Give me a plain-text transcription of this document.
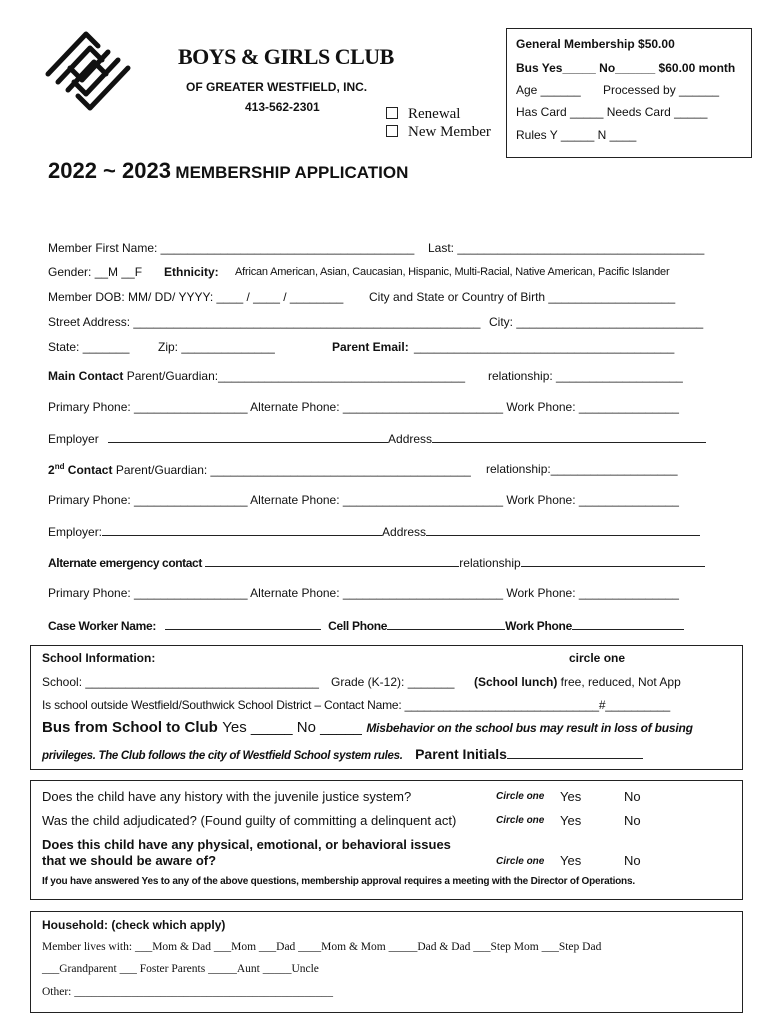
BOYS & GIRLS CLUB
OF GREATER WESTFIELD, INC.
413-562-2301	Renewal
New Member
General Membership $50.00
Bus Yes_____ No______ $60.00 month
Age ______ Processed by ______
Has Card _____ Needs Card _____
Rules Y _____ N ____
2022 ~ 2023 MEMBERSHIP APPLICATION
Member First Name: ______________________________________ Last: _____________________________________
Gender: __M __F Ethnicity: African American, Asian, Caucasian, Hispanic, Multi-Racial, Native American, Pacific Islander
Member DOB: MM/ DD/ YYYY: ____ / ____ / ________ City and State or Country of Birth ___________________
Street Address: ____________________________________________________ City: ____________________________
State: _______ Zip: ______________	Parent Email: _______________________________________
Main Contact Parent/Guardian:_____________________________________ relationship: ___________________
Primary Phone: _________________ Alternate Phone: ________________________ Work Phone: _______________
Employer	Address
2nd Contact Parent/Guardian: _______________________________________ relationship:___________________
Primary Phone: _________________ Alternate Phone: ________________________ Work Phone: _______________
Employer:	Address
Alternate emergency contact	relationship
Primary Phone: _________________ Alternate Phone: ________________________ Work Phone: _______________
Case Worker Name:	Cell Phone	Work Phone
School Information:	circle one
School: ___________________________________ Grade (K-12): _______ (School lunch) free, reduced, Not App
Is school outside Westfield/Southwick School District – Contact Name: ______________________________#__________
Bus from School to Club Yes _____ No _____ Misbehavior on the school bus may result in loss of busing
privileges. The Club follows the city of Westfield School system rules. Parent Initials
Does the child have any history with the juvenile justice system?	Circle one Yes	No
Was the child adjudicated? (Found guilty of committing a delinquent act)	Circle one Yes	No
Does this child have any physical, emotional, or behavioral issues
that we should be aware of?	Circle one Yes	No
If you have answered Yes to any of the above questions, membership approval requires a meeting with the Director of Operations.
Household: (check which apply)
Member lives with: ___Mom & Dad ___Mom ___Dad ____Mom & Mom _____Dad & Dad ___Step Mom ___Step Dad
___Grandparent ___ Foster Parents _____Aunt _____Uncle
Other: _____________________________________________
